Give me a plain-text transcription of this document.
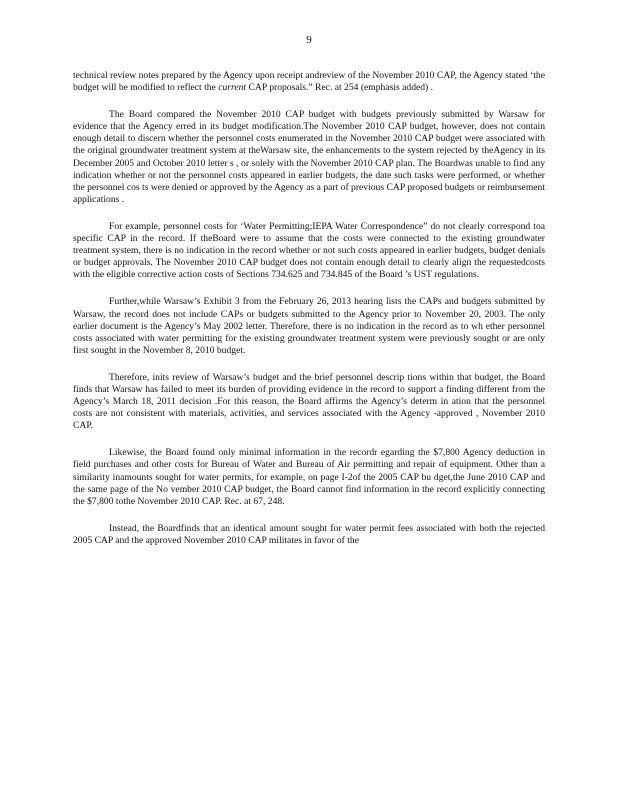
9

technical review notes prepared by the Agency upon receipt andreview of the November 2010 CAP, the Agency stated ‘the budget will be modified to reflect the current CAP proposals.” Rec. at 254 (emphasis added) .

The Board compared the November 2010 CAP budget with budgets previously submitted by Warsaw for evidence that the Agency erred in its budget modification.The November 2010 CAP budget, however, does not contain enough detail to discern whether the personnel costs enumerated in the November 2010 CAP budget were associated with the original groundwater treatment system at theWarsaw site, the enhancements to the system rejected by theAgency in its December 2005 and October 2010 letter s , or solely with the November 2010 CAP plan. The Boardwas unable to find any indication whether or not the personnel costs appeared in earlier budgets, the date such tasks were performed, or whether the personnel cos ts were denied or approved by the Agency as a part of previous CAP proposed budgets or reimbursement applications .

For example, personnel costs for ‘Water Permitting;IEPA Water Correspondence” do not clearly correspond toa specific CAP in the record. If theBoard were to assume that the costs were connected to the existing groundwater treatment system, there is no indication in the record whether or not such costs appeared in earlier budgets, budget denials or budget approvals. The November 2010 CAP budget does not contain enough detail to clearly align the requestedcosts with the eligible corrective action costs of Sections 734.625 and 734.845 of the Board ’s UST regulations.

Further,while Warsaw’s Exhibit 3 from the February 26, 2013 hearing lists the CAPs and budgets submitted by Warsaw, the record does not include CAPs or budgets submitted to the Agency prior to November 20, 2003. The only earlier document is the Agency’s May 2002 letter. Therefore, there is no indication in the record as to wh ether personnel costs associated with water permitting for the existing groundwater treatment system were previously sought or are only first sought in the November 8, 2010 budget.

Therefore, inits review of Warsaw’s budget and the brief personnel descrip tions within that budget, the Board finds that Warsaw has failed to meet its burden of providing evidence in the record to support a finding different from the Agency’s March 18, 2011 decision .For this reason, the Board affirms the Agency’s determ in ation that the personnel costs are not consistent with materials, activities, and services associated with the Agency -approved , November 2010 CAP.

Likewise, the Board found only minimal information in the recordr egarding the $7,800 Agency deduction in field purchases and other costs for Bureau of Water and Bureau of Air permitting and repair of equipment. Other than a similarity inamounts sought for water permits, for example, on page I-2of the 2005 CAP bu dget,the June 2010 CAP and the same page of the No vember 2010 CAP budget, the Board cannot find information in the record explicitly connecting the $7,800 tothe November 2010 CAP. Rec. at 67, 248.

Instead, the Boardfinds that an identical amount sought for water permit fees associated with both the rejected 2005 CAP and the approved November 2010 CAP militates in favor of the
